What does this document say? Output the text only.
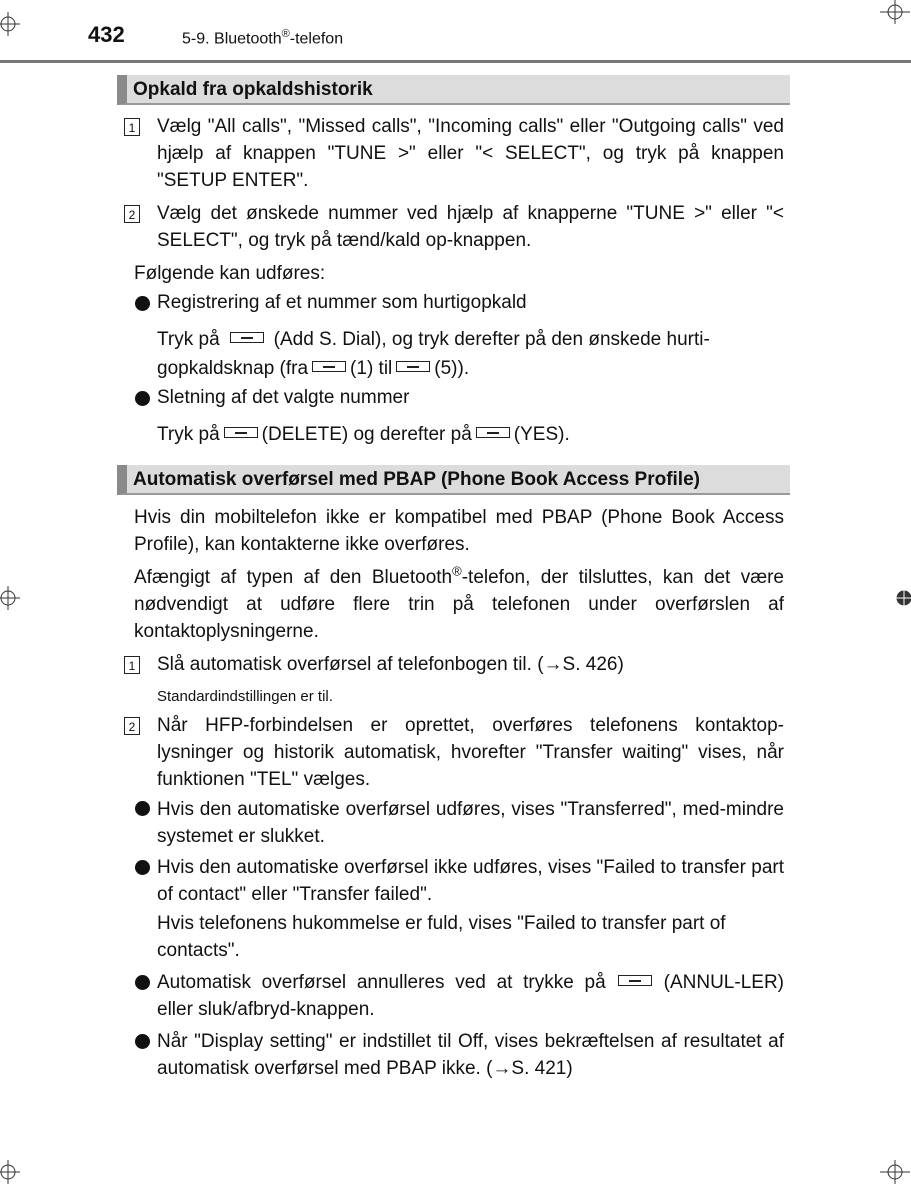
432	5-9. Bluetooth®-telefon
Opkald fra opkaldshistorik
1 Vælg "All calls", "Missed calls", "Incoming calls" eller "Outgoing calls" ved hjælp af knappen "TUNE >" eller "< SELECT", og tryk på knappen "SETUP ENTER".
2 Vælg det ønskede nummer ved hjælp af knapperne "TUNE >" eller "< SELECT", og tryk på tænd/kald op-knappen.
Følgende kan udføres:
Registrering af et nummer som hurtigopkald
Tryk på	(Add S. Dial), og tryk derefter på den ønskede hurti-
gopkaldsknap (fra (1) til (5)).
Sletning af det valgte nummer
Tryk på (DELETE) og derefter på (YES).
Automatisk overførsel med PBAP (Phone Book Access Profile)
Hvis din mobiltelefon ikke er kompatibel med PBAP (Phone Book Access Profile), kan kontakterne ikke overføres.
Afængigt af typen af den Bluetooth®-telefon, der tilsluttes, kan det være nødvendigt at udføre flere trin på telefonen under overførslen af kontaktoplysningerne.
1 Slå automatisk overførsel af telefonbogen til. (→S. 426)
Standardindstillingen er til.
2 Når HFP-forbindelsen er oprettet, overføres telefonens kontaktop-lysninger og historik automatisk, hvorefter "Transfer waiting" vises, når funktionen "TEL" vælges.
Hvis den automatiske overførsel udføres, vises "Transferred", med-mindre systemet er slukket.
Hvis den automatiske overførsel ikke udføres, vises "Failed to transfer part of contact" eller "Transfer failed".
Hvis telefonens hukommelse er fuld, vises "Failed to transfer part of contacts".
Automatisk overførsel annulleres ved at trykke på	(ANNUL-LER) eller sluk/afbryd-knappen.
Når "Display setting" er indstillet til Off, vises bekræftelsen af resultatet af automatisk overførsel med PBAP ikke. (→S. 421)
